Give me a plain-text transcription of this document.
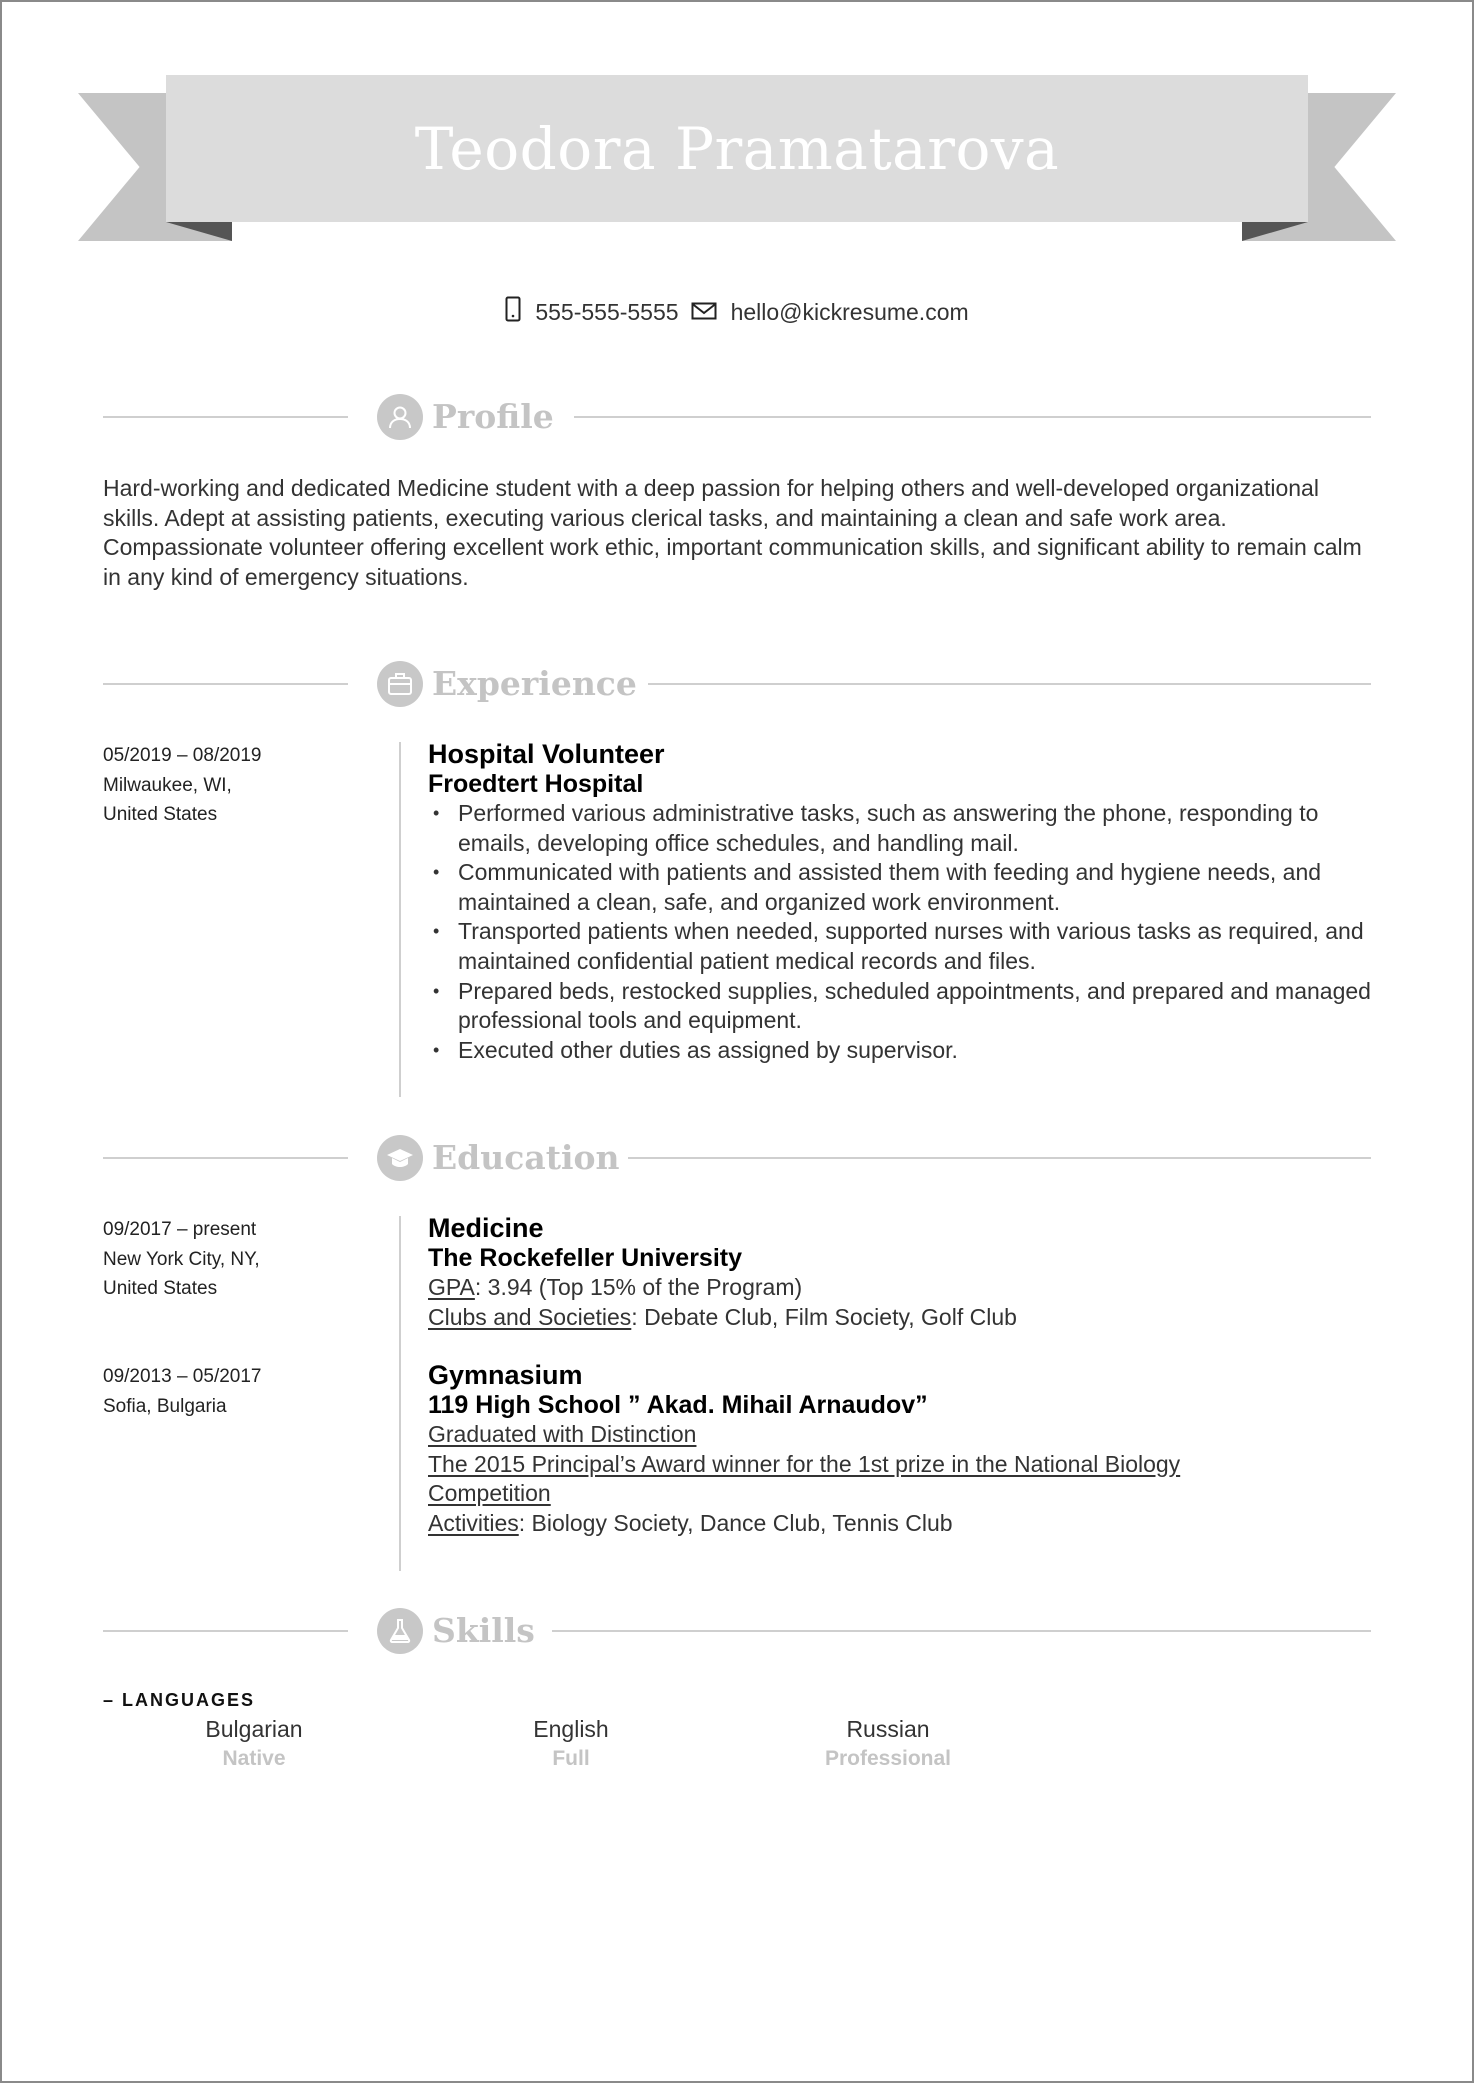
Teodora Pramatarova
555-555-5555 hello@kickresume.com
Profile
Hard-working and dedicated Medicine student with a deep passion for helping others and well-developed organizational skills. Adept at assisting patients, executing various clerical tasks, and maintaining a clean and safe work area. Compassionate volunteer offering excellent work ethic, important communication skills, and significant ability to remain calm in any kind of emergency situations.
Experience
05/2019 – 08/2019
Milwaukee, WI,
United States
Hospital Volunteer
Froedtert Hospital
• Performed various administrative tasks, such as answering the phone, responding to emails, developing office schedules, and handling mail.
• Communicated with patients and assisted them with feeding and hygiene needs, and maintained a clean, safe, and organized work environment.
• Transported patients when needed, supported nurses with various tasks as required, and maintained confidential patient medical records and files.
• Prepared beds, restocked supplies, scheduled appointments, and prepared and managed professional tools and equipment.
• Executed other duties as assigned by supervisor.
Education
09/2017 – present
New York City, NY,
United States
Medicine
The Rockefeller University
GPA: 3.94 (Top 15% of the Program)
Clubs and Societies: Debate Club, Film Society, Golf Club
09/2013 – 05/2017
Sofia, Bulgaria
Gymnasium
119 High School ” Akad. Mihail Arnaudov”
Graduated with Distinction
The 2015 Principal’s Award winner for the 1st prize in the National Biology
Competition
Activities: Biology Society, Dance Club, Tennis Club
Skills
– LANGUAGES
Bulgarian
Native
English
Full
Russian
Professional
